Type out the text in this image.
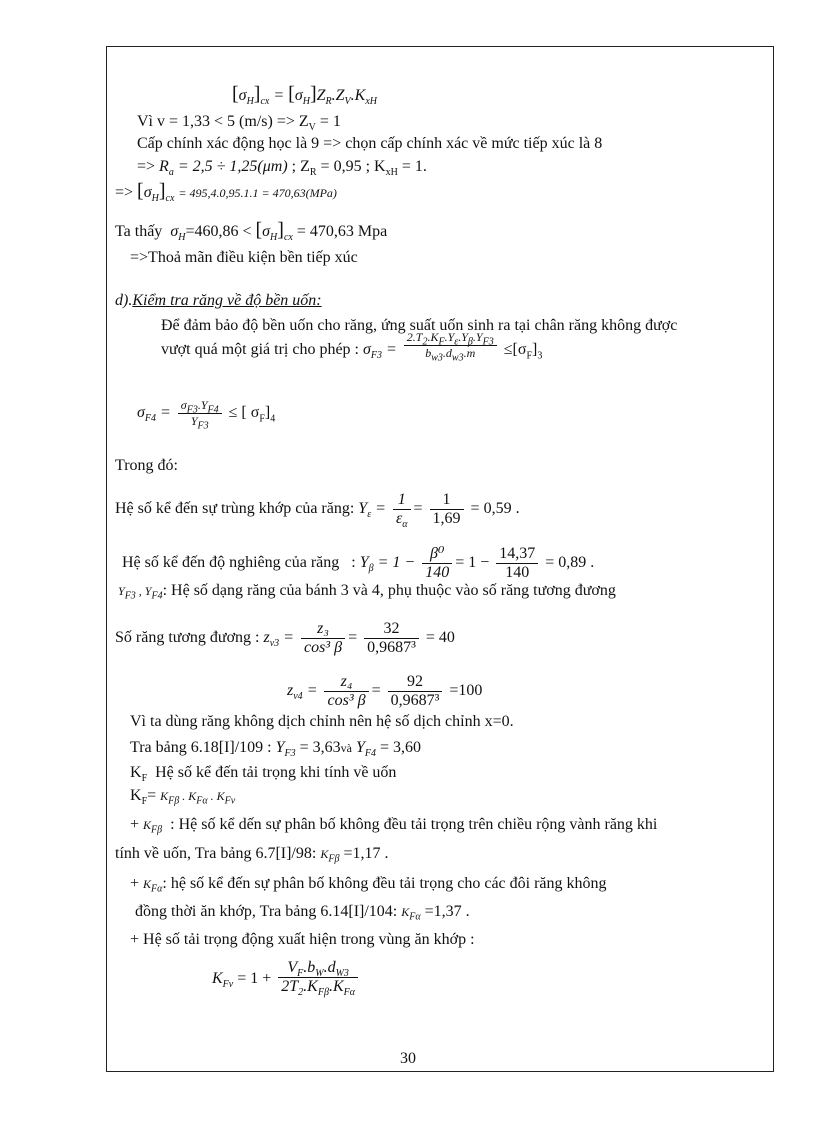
$[\sigma_H]_{cx} = [\sigma_H]Z_R.Z_V.K_{xH}$
Vì v = 1,33 < 5 $(m/s) => Z_V = 1$
Cấp chính xác động học là 9 => chọn cấp chính xác về mức tiếp xúc là 8
=> $R_a = 2,5 \div 1,25(\mu m)$ ; $Z_R = 0,95$ ; $K_{xH} = 1$.
=> $[\sigma_H]_{cx} = 495,4.0,95.1.1 = 470,63(MPa)$
Ta thấy $\sigma_H=460,86 < [\sigma_H]_{cx} = 470,63$ Mpa
=>Thoả mãn điều kiện bền tiếp xúc
d).Kiểm tra răng về độ bền uốn:
Để đảm bảo độ bền uốn cho răng, ứng suất uốn sinh ra tại chân răng không được
vượt quá một giá trị cho phép : $\sigma_{F3} = \frac{2.T_2.K_F.Y_\varepsilon.Y_\beta.Y_{F3}}{b_{w3}.d_{w3}.m} \le[\sigma_F]_3$
$\sigma_{F4} = \frac{\sigma_{F3}.Y_{F4}}{Y_{F3}}$ ≤ [ $\sigma_F]_4$
Trong đó:
Hệ số kể đến sự trùng khớp của răng: $Y_\varepsilon = \frac{1}{\varepsilon_\alpha} = \frac{1}{1,69} = 0,59$ .
Hệ số kể đến độ nghiêng của răng : $Y_\beta = 1 - \frac{\text{β⁰}}{140} = 1 - \frac{14,37}{140} = 0,89$ .
$Y_{F3}$ , $Y_{F4}$: Hệ số dạng răng của bánh 3 và 4, phụ thuộc vào số răng tương đương
Số răng tương đương : $z_{v3} = \frac{\text{z₃}}{\text{cos³ β}} = \frac{32}{\text{0,9687³}} = 40$
$z_{v4} = \frac{\text{z₄}}{\text{cos³ β}} = \frac{92}{\text{0,9687³}} =100$
Vì ta dùng răng không dịch chỉnh nên hệ số dịch chỉnh x=0.
Tra bảng 6.18[I]/109 : $Y_{F3}$ = 3,63và $Y_{F4} = 3,60$
$K_F$ Hệ số kể đến tải trọng khi tính về uốn
$K_F= K_{F\beta}$ . $K_{F\alpha}$ . $K_{Fv}$
+ $K_{F\beta}$ : Hệ số kể dến sự phân bố không đều tải trọng trên chiều rộng vành răng khi
tính về uốn, Tra bảng 6.7[I]/98: $K_{F\beta} =1,17$ .
+ $K_{F\alpha}$: hệ số kể đến sự phân bố không đều tải trọng cho các đôi răng không
đồng thời ăn khớp, Tra bảng 6.14[I]/104: $K_{F\alpha} =1,37$ .
+ Hệ số tải trọng động xuất hiện trong vùng ăn khớp :
$K_{Fv} = 1 + \frac{V_F.b_W.d_{W3}}{2T_2.K_{F\beta}.K_{F\alpha}}$
30
